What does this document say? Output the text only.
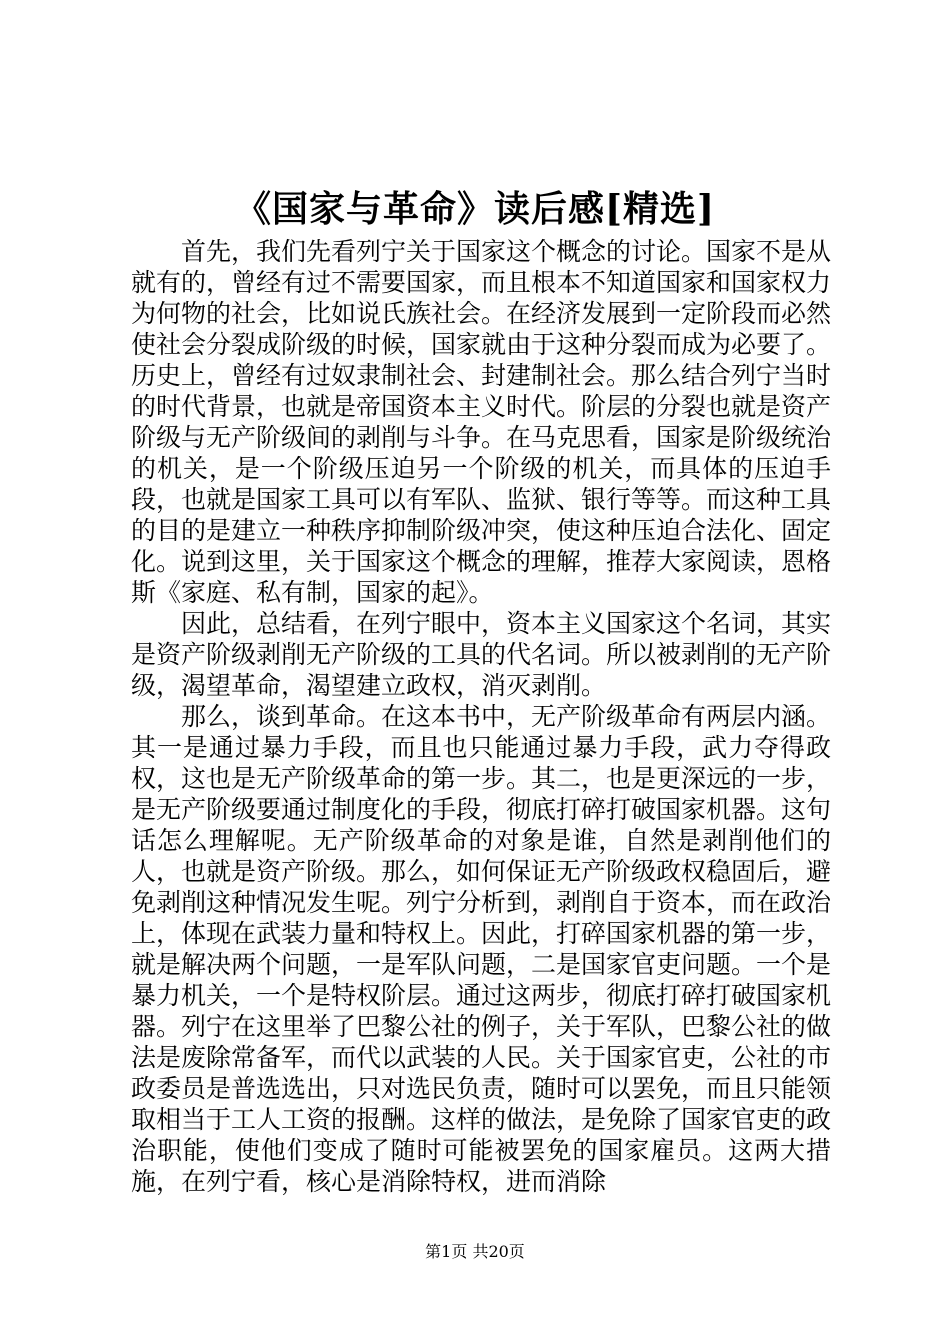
《国家与革命》读后感[精选]

首先，我们先看列宁关于国家这个概念的讨论。国家不是从就有的，曾经有过不需要国家，而且根本不知道国家和国家权力为何物的社会，比如说氏族社会。在经济发展到一定阶段而必然使社会分裂成阶级的时候，国家就由于这种分裂而成为必要了。历史上，曾经有过奴隶制社会、封建制社会。那么结合列宁当时的时代背景，也就是帝国资本主义时代。阶层的分裂也就是资产阶级与无产阶级间的剥削与斗争。在马克思看，国家是阶级统治的机关，是一个阶级压迫另一个阶级的机关，而具体的压迫手段，也就是国家工具可以有军队、监狱、银行等等。而这种工具的目的是建立一种秩序抑制阶级冲突，使这种压迫合法化、固定化。说到这里，关于国家这个概念的理解，推荐大家阅读，恩格斯《家庭、私有制，国家的起》。

因此，总结看，在列宁眼中，资本主义国家这个名词，其实是资产阶级剥削无产阶级的工具的代名词。所以被剥削的无产阶级，渴望革命，渴望建立政权，消灭剥削。

那么，谈到革命。在这本书中，无产阶级革命有两层内涵。其一是通过暴力手段，而且也只能通过暴力手段，武力夺得政权，这也是无产阶级革命的第一步。其二，也是更深远的一步，是无产阶级要通过制度化的手段，彻底打碎打破国家机器。这句话怎么理解呢。无产阶级革命的对象是谁，自然是剥削他们的人，也就是资产阶级。那么，如何保证无产阶级政权稳固后，避免剥削这种情况发生呢。列宁分析到，剥削自于资本，而在政治上，体现在武装力量和特权上。因此，打碎国家机器的第一步，就是解决两个问题，一是军队问题，二是国家官吏问题。一个是暴力机关，一个是特权阶层。通过这两步，彻底打碎打破国家机器。列宁在这里举了巴黎公社的例子，关于军队，巴黎公社的做法是废除常备军，而代以武装的人民。关于国家官吏，公社的市政委员是普选选出，只对选民负责，随时可以罢免，而且只能领取相当于工人工资的报酬。这样的做法，是免除了国家官吏的政治职能，使他们变成了随时可能被罢免的国家雇员。这两大措施，在列宁看，核心是消除特权，进而消除

第1页 共20页
